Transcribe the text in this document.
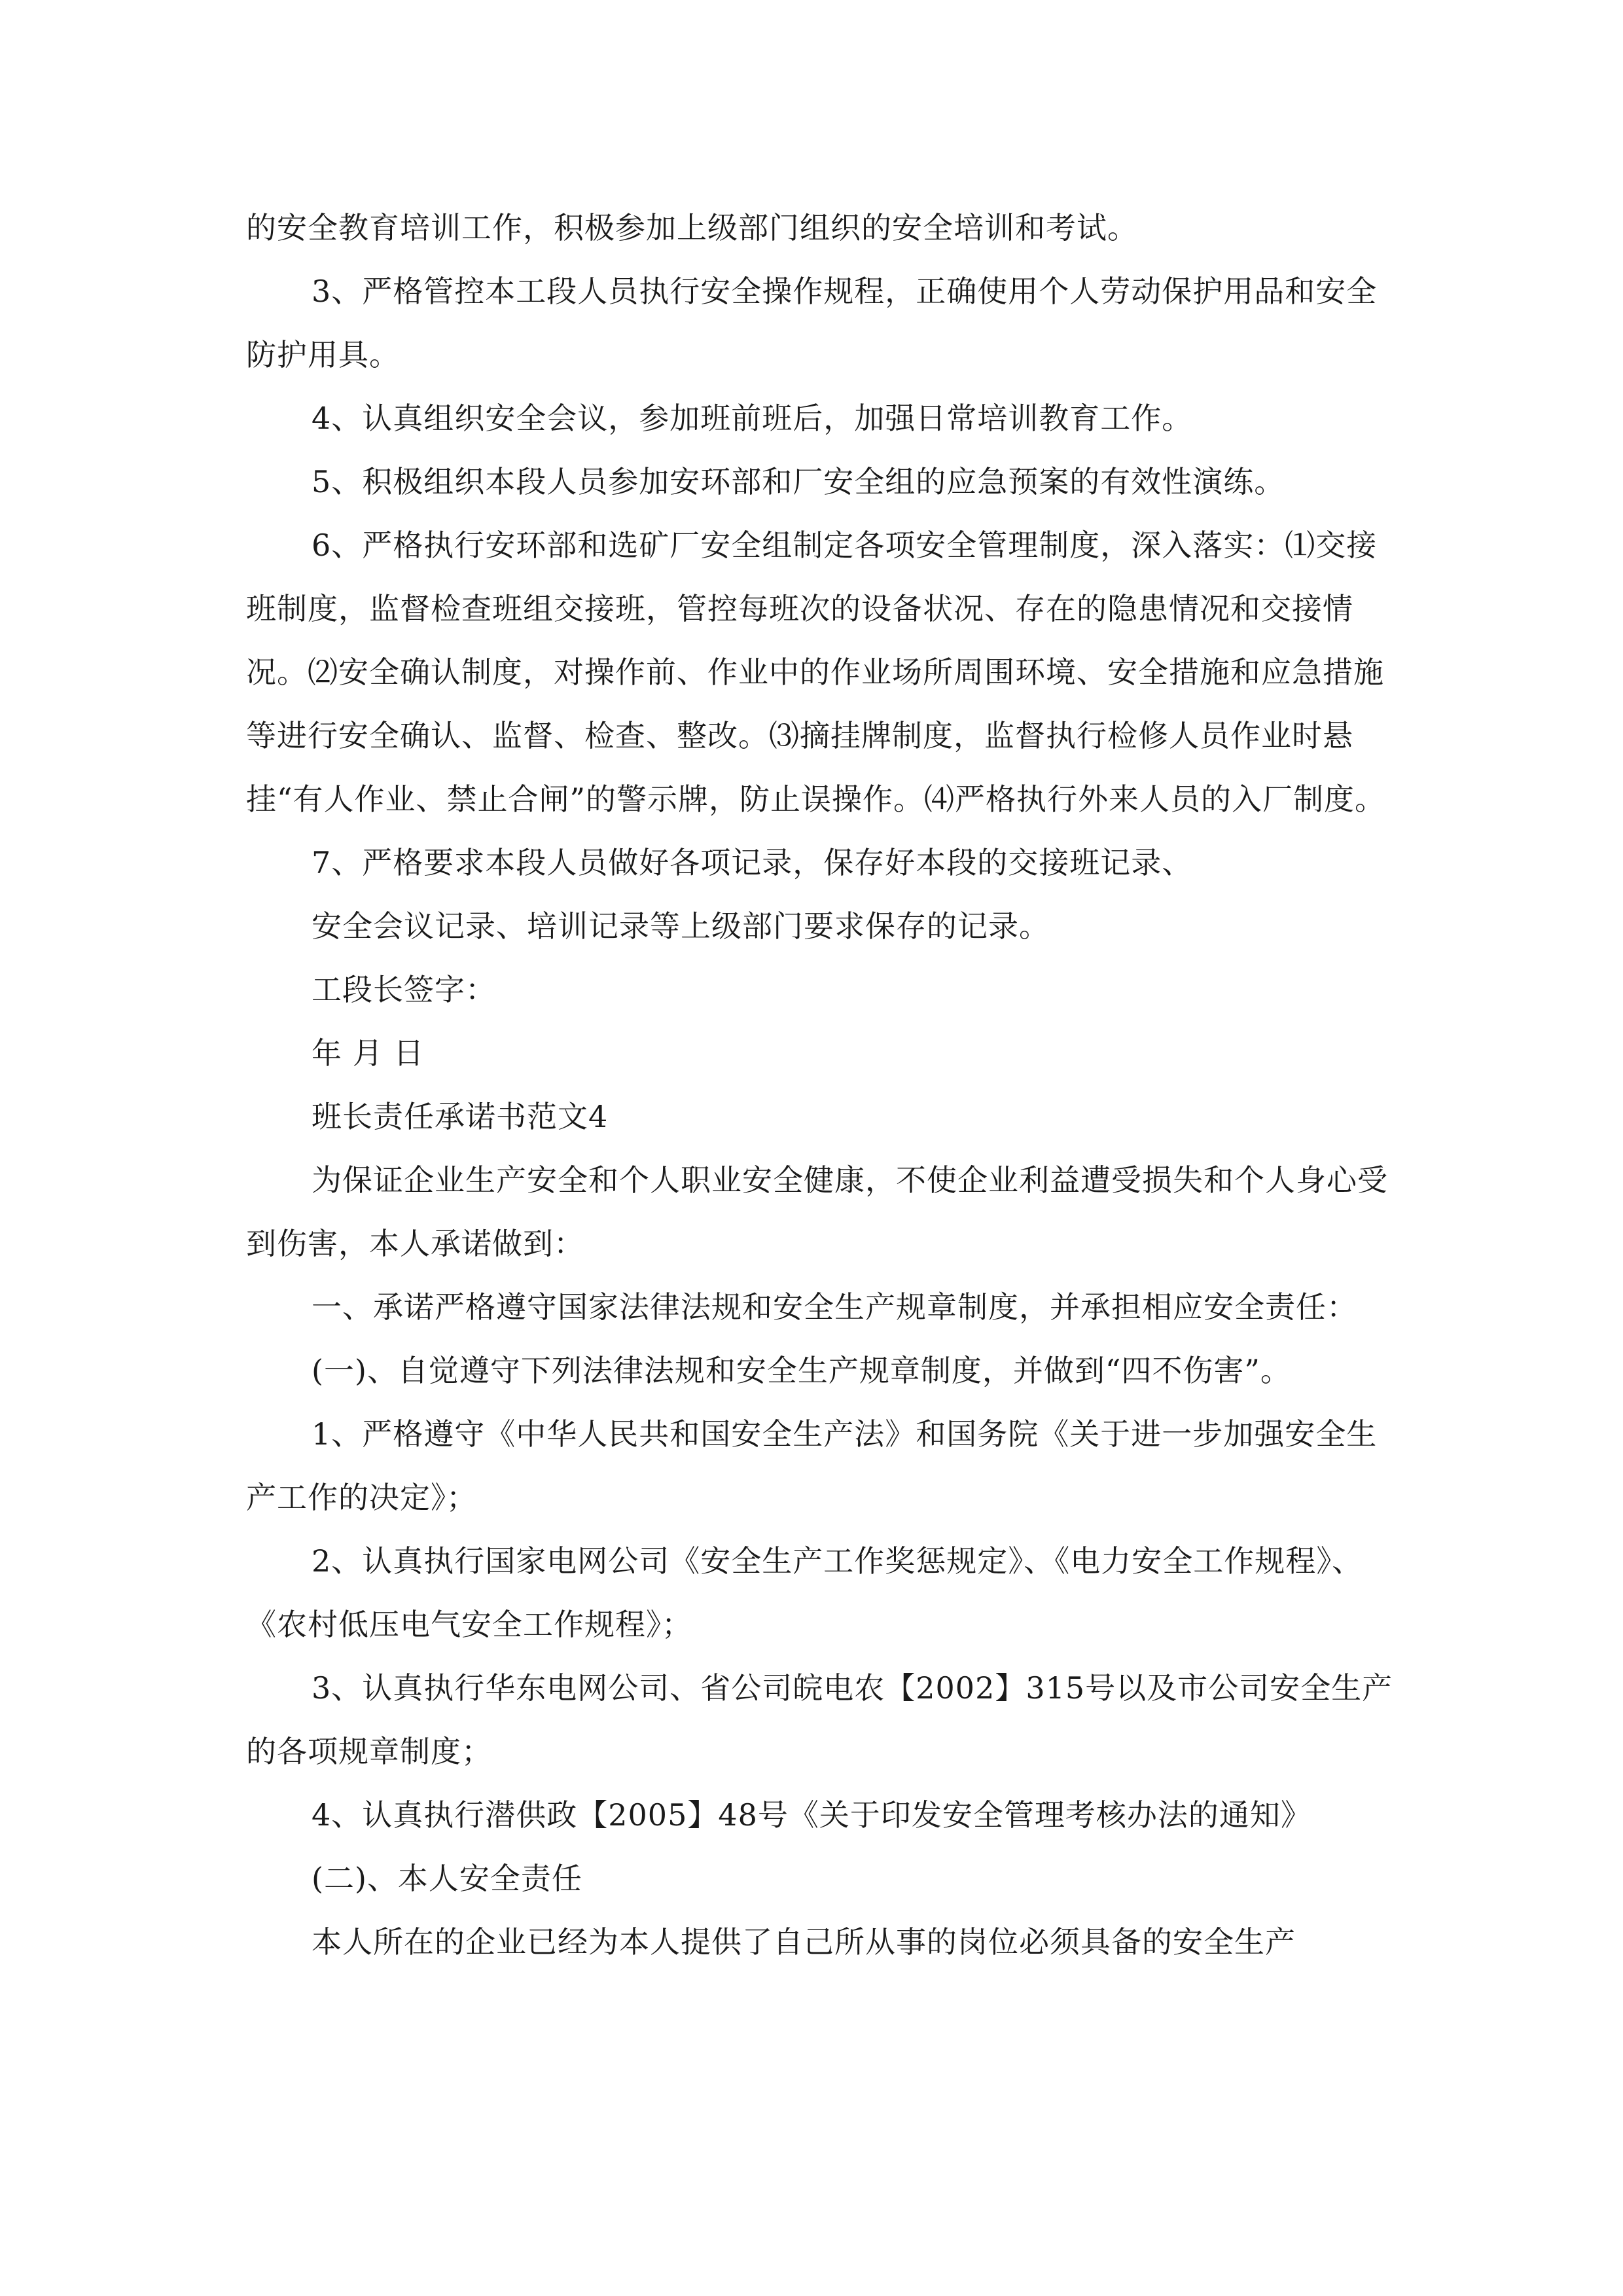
的安全教育培训工作，积极参加上级部门组织的安全培训和考试。

3、严格管控本工段人员执行安全操作规程，正确使用个人劳动保护用品和安全防护用具。

4、认真组织安全会议，参加班前班后，加强日常培训教育工作。

5、积极组织本段人员参加安环部和厂安全组的应急预案的有效性演练。

6、严格执行安环部和选矿厂安全组制定各项安全管理制度，深入落实：⑴交接班制度，监督检查班组交接班，管控每班次的设备状况、存在的隐患情况和交接情况。⑵安全确认制度，对操作前、作业中的作业场所周围环境、安全措施和应急措施等进行安全确认、监督、检查、整改。⑶摘挂牌制度，监督执行检修人员作业时悬挂“有人作业、禁止合闸”的警示牌，防止误操作。⑷严格执行外来人员的入厂制度。

7、严格要求本段人员做好各项记录，保存好本段的交接班记录、

安全会议记录、培训记录等上级部门要求保存的记录。

工段长签字：

年 月 日

班长责任承诺书范文4

为保证企业生产安全和个人职业安全健康，不使企业利益遭受损失和个人身心受到伤害，本人承诺做到：

一、承诺严格遵守国家法律法规和安全生产规章制度，并承担相应安全责任：

(一)、自觉遵守下列法律法规和安全生产规章制度，并做到“四不伤害”。

1、严格遵守《中华人民共和国安全生产法》和国务院《关于进一步加强安全生产工作的决定》；

2、认真执行国家电网公司《安全生产工作奖惩规定》、《电力安全工作规程》、《农村低压电气安全工作规程》；

3、认真执行华东电网公司、省公司皖电农【2002】315号以及市公司安全生产的各项规章制度；

4、认真执行潜供政【2005】48号《关于印发安全管理考核办法的通知》

(二)、本人安全责任

本人所在的企业已经为本人提供了自己所从事的岗位必须具备的安全生产
